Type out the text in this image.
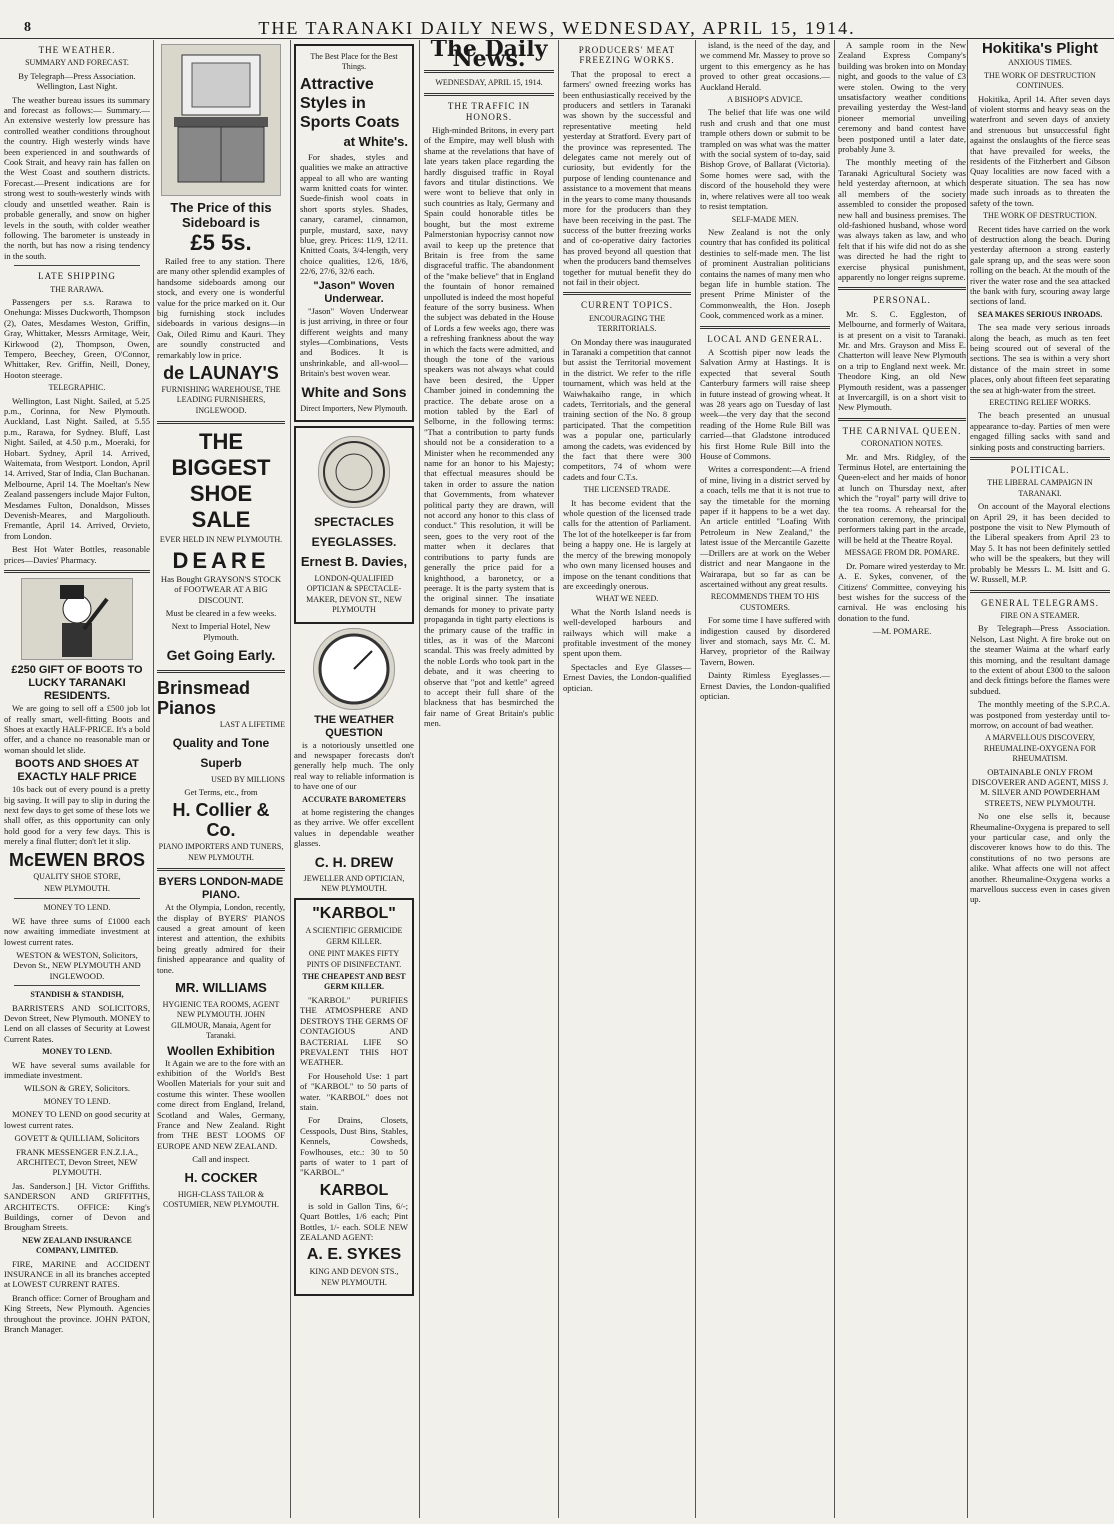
8	THE TARANAKI DAILY NEWS, WEDNESDAY, APRIL 15, 1914.
THE WEATHER.
SUMMARY AND FORECAST.

By Telegraph—Press Association. Wellington, Last Night.

The weather bureau issues its summary and forecast as follows:— Summary.—An extensive westerly low pressure has controlled weather conditions throughout the country. High westerly winds have been experienced in and southwards of Cook Strait, and heavy rain has fallen on the West Coast and southern districts. Forecast.—Present indications are for strong west to south-westerly winds with cloudy and unsettled weather. Rain is probable generally, and snow on higher levels in the south, with colder weather following. The barometer is unsteady in the north, but has now a rising tendency in the south.

LATE SHIPPING
THE RARAWA.

Passengers per s.s. Rarawa to Onehunga: Misses Duckworth, Thompson (2), Oates, Mesdames Weston, Griffin, Gray, Whittaker, Messrs Armitage, Weir, Kirkwood (2), Thompson, Owen, Tempero, Beechey, Green, O'Connor, Whittaker, Rev. Griffin, Neill, Doney, Hooton steerage.

TELEGRAPHIC.

Wellington, Last Night. Sailed, at 5.25 p.m., Corinna, for New Plymouth. Auckland, Last Night. Sailed, at 5.55 p.m., Rarawa, for Sydney. Bluff, Last Night. Sailed, at 4.50 p.m., Moeraki, for Hobart. Sydney, April 14. Arrived, Waitemata, from Westport. London, April 14. Arrived, Star of India, Clan Buchanan. Melbourne, April 14. The Moeltan's New Zealand passengers include Major Fulton, Mesdames Fulton, Donaldson, Misses Devenish-Meares, and Margoliouth. Fremantle, April 14. Arrived, Orvieto, from London.

Best Hot Water Bottles, reasonable prices—Davies' Pharmacy.

£250 GIFT OF BOOTS TO LUCKY TARANAKI RESIDENTS.

We are going to sell off a £500 job lot of really smart, well-fitting Boots and Shoes at exactly HALF-PRICE. It's a bold offer, and a chance no reasonable man or woman should let slide.

BOOTS AND SHOES AT EXACTLY HALF PRICE

10s back out of every pound is a pretty big saving. It will pay to slip in during the next few days to get some of these lots we shall offer, as this opportunity can only hold good for a very few days. This is merely a final flutter; don't let it slip.

McEWEN BROS
QUALITY SHOE STORE,
NEW PLYMOUTH.
MONEY TO LEND.

WE have three sums of £1000 each now awaiting immediate investment at lowest current rates.

WESTON & WESTON, Solicitors, Devon St., NEW PLYMOUTH AND INGLEWOOD.

STANDISH & STANDISH,

BARRISTERS AND SOLICITORS, Devon Street, New Plymouth. MONEY to Lend on all classes of Security at Lowest Current Rates.

MONEY TO LEND.

WE have several sums available for immediate investment.

WILSON & GREY, Solicitors.

MONEY TO LEND.

MONEY TO LEND on good security at lowest current rates.

GOVETT & QUILLIAM, Solicitors

FRANK MESSENGER F.N.Z.I.A., ARCHITECT, Devon Street, NEW PLYMOUTH.

Jas. Sanderson.] [H. Victor Griffiths. SANDERSON AND GRIFFITHS, ARCHITECTS. OFFICE: King's Buildings, corner of Devon and Brougham Streets.

NEW ZEALAND INSURANCE COMPANY, LIMITED.

FIRE, MARINE and ACCIDENT INSURANCE in all its branches accepted at LOWEST CURRENT RATES.

Branch office: Corner of Brougham and King Streets, New Plymouth. Agencies throughout the province. JOHN PATON, Branch Manager.

The Price of this Sideboard is
£5 5s.

Railed free to any station. There are many other splendid examples of handsome sideboards among our stock, and every one is wonderful value for the price marked on it. Our big furnishing stock includes sideboards in various designs—in Oak, Oiled Rimu and Kauri. They are soundly constructed and remarkably low in price.

de LAUNAY'S
FURNISHING WAREHOUSE, THE LEADING FURNISHERS, INGLEWOOD.
THE
BIGGEST
SHOE
SALE
EVER HELD IN NEW PLYMOUTH.
DEARE

Has Bought GRAYSON'S STOCK of FOOTWEAR AT A BIG DISCOUNT.

Must be cleared in a few weeks.

Next to Imperial Hotel, New Plymouth.

Get Going Early.
Brinsmead Pianos
LAST A LIFETIME
Quality and Tone Superb
USED BY MILLIONS

Get Terms, etc., from

H. Collier & Co.
PIANO IMPORTERS AND TUNERS, NEW PLYMOUTH.
BYERS LONDON-MADE PIANO.

At the Olympia, London, recently, the display of BYERS' PIANOS caused a great amount of keen interest and attention, the exhibits being greatly admired for their finished appearance and quality of tone.

MR. WILLIAMS
HYGIENIC TEA ROOMS, AGENT NEW PLYMOUTH. JOHN GILMOUR, Manaia, Agent for Taranaki.
Woollen Exhibition

It Again we are to the fore with an exhibition of the World's Best Woollen Materials for your suit and costume this winter. These woollen come direct from England, Ireland, Scotland and Wales, Germany, France and New Zealand. Right from THE BEST LOOMS OF EUROPE AND NEW ZEALAND.

Call and inspect.

H. COCKER
HIGH-CLASS TAILOR & COSTUMIER, NEW PLYMOUTH.
The Best Place for the Best Things.
Attractive Styles in Sports Coats
at White's.

For shades, styles and qualities we make an attractive appeal to all who are wanting warm knitted coats for winter. Suede-finish wool coats in short sports styles. Shades, canary, caramel, cinnamon, purple, mustard, saxe, navy blue, grey. Prices: 11/9, 12/11. Knitted Coats, 3/4-length, very choice qualities, 12/6, 18/6, 22/6, 27/6, 32/6 each.

"Jason" Woven Underwear.

"Jason" Woven Underwear is just arriving, in three or four different weights and many styles—Combinations, Vests and Bodices. It is unshrinkable, and all-wool—Britain's best woven wear.

White and Sons
Direct Importers, New Plymouth.
SPECTACLES
EYEGLASSES.
Ernest B. Davies,
LONDON-QUALIFIED OPTICIAN & SPECTACLE-MAKER, DEVON ST., NEW PLYMOUTH
THE WEATHER QUESTION

is a notoriously unsettled one and newspaper forecasts don't generally help much. The only real way to reliable information is to have one of our

ACCURATE BAROMETERS

at home registering the changes as they arrive. We offer excellent values in dependable weather glasses.

C. H. DREW
JEWELLER AND OPTICIAN, NEW PLYMOUTH.
"KARBOL"
A SCIENTIFIC GERMICIDE GERM KILLER.
ONE PINT MAKES FIFTY PINTS OF DISINFECTANT.
THE CHEAPEST AND BEST GERM KILLER.

"KARBOL" PURIFIES THE ATMOSPHERE AND DESTROYS THE GERMS OF CONTAGIOUS AND BACTERIAL LIFE SO PREVALENT THIS HOT WEATHER.

For Household Use: 1 part of "KARBOL" to 50 parts of water. "KARBOL" does not stain.

For Drains, Closets, Cesspools, Dust Bins, Stables, Kennels, Cowsheds, Fowlhouses, etc.: 30 to 50 parts of water to 1 part of "KARBOL."

KARBOL

is sold in Gallon Tins, 6/-; Quart Bottles, 1/6 each; Pint Bottles, 1/- each. SOLE NEW ZEALAND AGENT:

A. E. SYKES
KING AND DEVON STS., NEW PLYMOUTH.
The Daily News.
WEDNESDAY, APRIL 15, 1914.
THE TRAFFIC IN HONORS.

High-minded Britons, in every part of the Empire, may well blush with shame at the revelations that have of late years taken place regarding the hardly disguised traffic in Royal favors and titular distinctions. We were wont to believe that only in such countries as Italy, Germany and Spain could honorable titles be bought, but the most extreme Palmerstonian hypocrisy cannot now avail to keep up the pretence that Britain is free from the same disgraceful traffic. The abandonment of the "make believe" that in England the fountain of honor remained unpolluted is indeed the most hopeful feature of the sorry business. When the subject was debated in the House of Lords a few weeks ago, there was a refreshing frankness about the way in which the facts were admitted, and though the tone of the various speakers was not always what could have been desired, the Upper Chamber joined in condemning the practice. The debate arose on a motion tabled by the Earl of Selborne, in the following terms: "That a contribution to party funds should not be a consideration to a Minister when he recommended any name for an honor to his Majesty; that effectual measures should be taken in order to assure the nation that Governments, from whatever political party they are drawn, will not accord any honor to this class of conduct." This resolution, it will be seen, goes to the very root of the matter when it declares that contributions to party funds are generally the price paid for a knighthood, a baronetcy, or a peerage. It is the party system that is the original sinner. The insatiate demands for money to private party propaganda in tight party elections is the primary cause of the traffic in titles, as it was of the Marconi scandal. This was freely admitted by the noble Lords who took part in the debate, and it was cheering to observe that "pot and kettle" agreed to accept their full share of the blackness that has besmirched the fair name of Great Britain's public men.

PRODUCERS' MEAT FREEZING WORKS.

That the proposal to erect a farmers' owned freezing works has been enthusiastically received by the producers and settlers in Taranaki was shown by the successful and representative meeting held yesterday at Stratford. Every part of the province was represented. The delegates came not merely out of curiosity, but evidently for the purpose of lending countenance and assistance to a movement that means in the years to come many thousands more for the producers than they have been receiving in the past. The success of the butter freezing works and of co-operative dairy factories has proved beyond all question that when the producers band themselves together for mutual benefit they do not fail in their object.

CURRENT TOPICS.
ENCOURAGING THE TERRITORIALS.

On Monday there was inaugurated in Taranaki a competition that cannot but assist the Territorial movement in the district. We refer to the rifle tournament, which was held at the Waiwhakaiho range, in which cadets, Territorials, and the general training section of the No. 8 group participated. That the competition was a popular one, particularly among the cadets, was evidenced by the fact that there were 300 competitors, 74 of whom were cadets and four C.T.s.

THE LICENSED TRADE.

It has become evident that the whole question of the licensed trade calls for the attention of Parliament. The lot of the hotelkeeper is far from being a happy one. He is largely at the mercy of the brewing monopoly who own many licensed houses and impose on the tenant conditions that are exceedingly onerous.

WHAT WE NEED.

What the North Island needs is well-developed harbours and railways which will make a profitable investment of the money spent upon them.

Spectacles and Eye Glasses—Ernest Davies, the London-qualified optician.

island, is the need of the day, and we commend Mr. Massey to prove so urgent to this emergency as he has proved to other great occasions.—Auckland Herald.

A BISHOP'S ADVICE.

The belief that life was one wild rush and crush and that one must trample others down or submit to be trampled on was what was the matter with the social system of to-day, said Bishop Grove, of Ballarat (Victoria). Some homes were sad, with the discord of the household they were in, where relatives were all too weak to resist temptation.

SELF-MADE MEN.

New Zealand is not the only country that has confided its political destinies to self-made men. The list of prominent Australian politicians contains the names of many men who began life in humble station. The present Prime Minister of the Commonwealth, the Hon. Joseph Cook, commenced work as a miner.

LOCAL AND GENERAL.

A Scottish piper now leads the Salvation Army at Hastings. It is expected that several South Canterbury farmers will raise sheep in future instead of growing wheat. It was 28 years ago on Tuesday of last week—the very day that the second reading of the Home Rule Bill was carried—that Gladstone introduced his first Home Rule Bill into the House of Commons.

Writes a correspondent:—A friend of mine, living in a district served by a coach, tells me that it is not true to say the timetable for the morning paper if it happens to be a wet day. An article entitled "Loafing With Petroleum in New Zealand," the latest issue of the Mercantile Gazette—Drillers are at work on the Weber district and near Mangaone in the Wairarapa, but so far as can be ascertained without any great results.

RECOMMENDS THEM TO HIS CUSTOMERS.

For some time I have suffered with indigestion caused by disordered liver and stomach, says Mr. C. M. Harvey, proprietor of the Railway Tavern, Bowen.

Dainty Rimless Eyeglasses.—Ernest Davies, the London-qualified optician.

A sample room in the New Zealand Express Company's building was broken into on Monday night, and goods to the value of £3 were stolen. Owing to the very unsatisfactory weather conditions prevailing yesterday the West-land pioneer memorial unveiling ceremony and band contest have been postponed until a later date, probably June 3.

The monthly meeting of the Taranaki Agricultural Society was held yesterday afternoon, at which all members of the society assembled to consider the proposed new hall and business premises. The old-fashioned husband, whose word was always taken as law, and who felt that if his wife did not do as she was directed he had the right to exercise physical punishment, apparently no longer reigns supreme.

PERSONAL.

Mr. S. C. Eggleston, of Melbourne, and formerly of Waitara, is at present on a visit to Taranaki. Mr. and Mrs. Grayson and Miss E. Chatterton will leave New Plymouth on a trip to England next week. Mr. Theodore King, an old New Plymouth resident, was a passenger at Invercargill, is on a short visit to New Plymouth.

THE CARNIVAL QUEEN.
CORONATION NOTES.

Mr. and Mrs. Ridgley, of the Terminus Hotel, are entertaining the Queen-elect and her maids of honor at lunch on Thursday next, after which the "royal" party will drive to the tea rooms. A rehearsal for the coronation ceremony, the principal performers taking part in the arcade, will be held at the Theatre Royal.

MESSAGE FROM DR. POMARE.

Dr. Pomare wired yesterday to Mr. A. E. Sykes, convener, of the Citizens' Committee, conveying his best wishes for the success of the carnival. He was enclosing his donation to the fund.

—M. POMARE.

Hokitika's Plight
ANXIOUS TIMES.
THE WORK OF DESTRUCTION CONTINUES.

Hokitika, April 14. After seven days of violent storms and heavy seas on the waterfront and seven days of anxiety and strenuous but unsuccessful fight against the onslaughts of the fierce seas that have prevailed for weeks, the residents of the Fitzherbert and Gibson Quay localities are now faced with a desperate situation. The sea has now made such inroads as to threaten the safety of the town.

THE WORK OF DESTRUCTION.

Recent tides have carried on the work of destruction along the beach. During yesterday afternoon a strong easterly gale sprang up, and the seas were soon rolling on the beach. At the mouth of the river the water rose and the sea attacked the bank with fury, scouring away large sections of land.

SEA MAKES SERIOUS INROADS.

The sea made very serious inroads along the beach, as much as ten feet being scoured out of several of the sections. The sea is within a very short distance of the main street in some places, only about fifteen feet separating the sea at high-water from the street.

ERECTING RELIEF WORKS.

The beach presented an unusual appearance to-day. Parties of men were engaged filling sacks with sand and sinking posts and constructing barriers.

POLITICAL.
THE LIBERAL CAMPAIGN IN TARANAKI.

On account of the Mayoral elections on April 29, it has been decided to postpone the visit to New Plymouth of the Liberal speakers from April 23 to May 5. It has not been definitely settled who will be the speakers, but they will probably be Messrs L. M. Isitt and G. W. Russell, M.P.

GENERAL TELEGRAMS.
FIRE ON A STEAMER.

By Telegraph—Press Association. Nelson, Last Night. A fire broke out on the steamer Waima at the wharf early this morning, and the resultant damage to the extent of about £300 to the saloon and deck fittings before the flames were subdued.

The monthly meeting of the S.P.C.A. was postponed from yesterday until to-morrow, on account of bad weather.

A MARVELLOUS DISCOVERY, RHEUMALINE-OXYGENA FOR RHEUMATISM.

OBTAINABLE ONLY FROM DISCOVERER AND AGENT, MISS J. M. SILVER AND POWDERHAM STREETS, NEW PLYMOUTH.

No one else sells it, because Rheumaline-Oxygena is prepared to sell your particular case, and only the discoverer knows how to do this. The constitutions of no two persons are alike. What affects one will not affect another. Rheumaline-Oxygena works a marvellous success even in cases given up.
